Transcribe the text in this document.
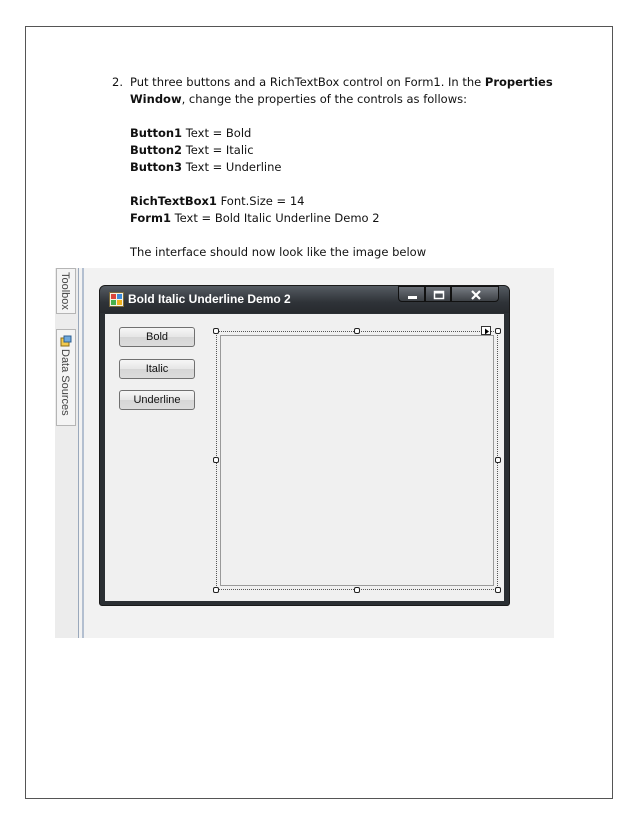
2. Put three buttons and a RichTextBox control on Form1. In the Properties
Window, change the properties of the controls as follows:

Button1 Text = Bold
Button2 Text = Italic
Button3 Text = Underline

RichTextBox1 Font.Size = 14
Form1 Text = Bold Italic Underline Demo 2

The interface should now look like the image below

Toolbox
Data Sources
Bold Italic Underline Demo 2
Bold
Italic
Underline
